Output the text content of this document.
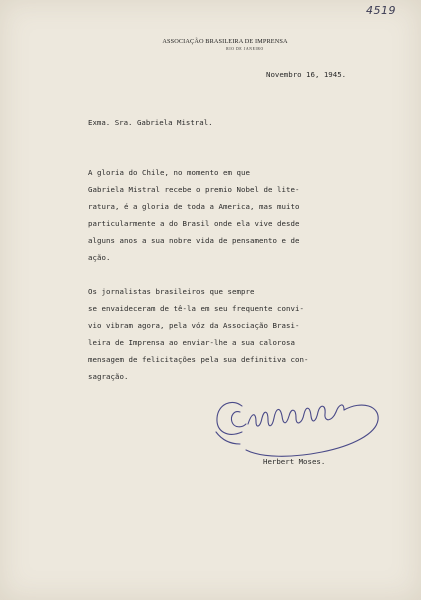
4519
ASSOCIAÇÃO BRASILEIRA DE IMPRENSA
RIO DE JANEIRO
Novembro 16, 1945.
Exma. Sra. Gabriela Mistral.
A gloria do Chile, no momento em que
Gabriela Mistral recebe o premio Nobel de lite-
ratura, é a gloria de toda a America, mas muito
particularmente a do Brasil onde ela vive desde
alguns anos a sua nobre vida de pensamento e de
ação.
Os jornalistas brasileiros que sempre
se envaideceram de tê-la em seu frequente convi-
vio vibram agora, pela vóz da Associação Brasi-
leira de Imprensa ao enviar-lhe a sua calorosa
mensagem de felicitações pela sua definitiva con-
sagração.
Herbert Moses.
